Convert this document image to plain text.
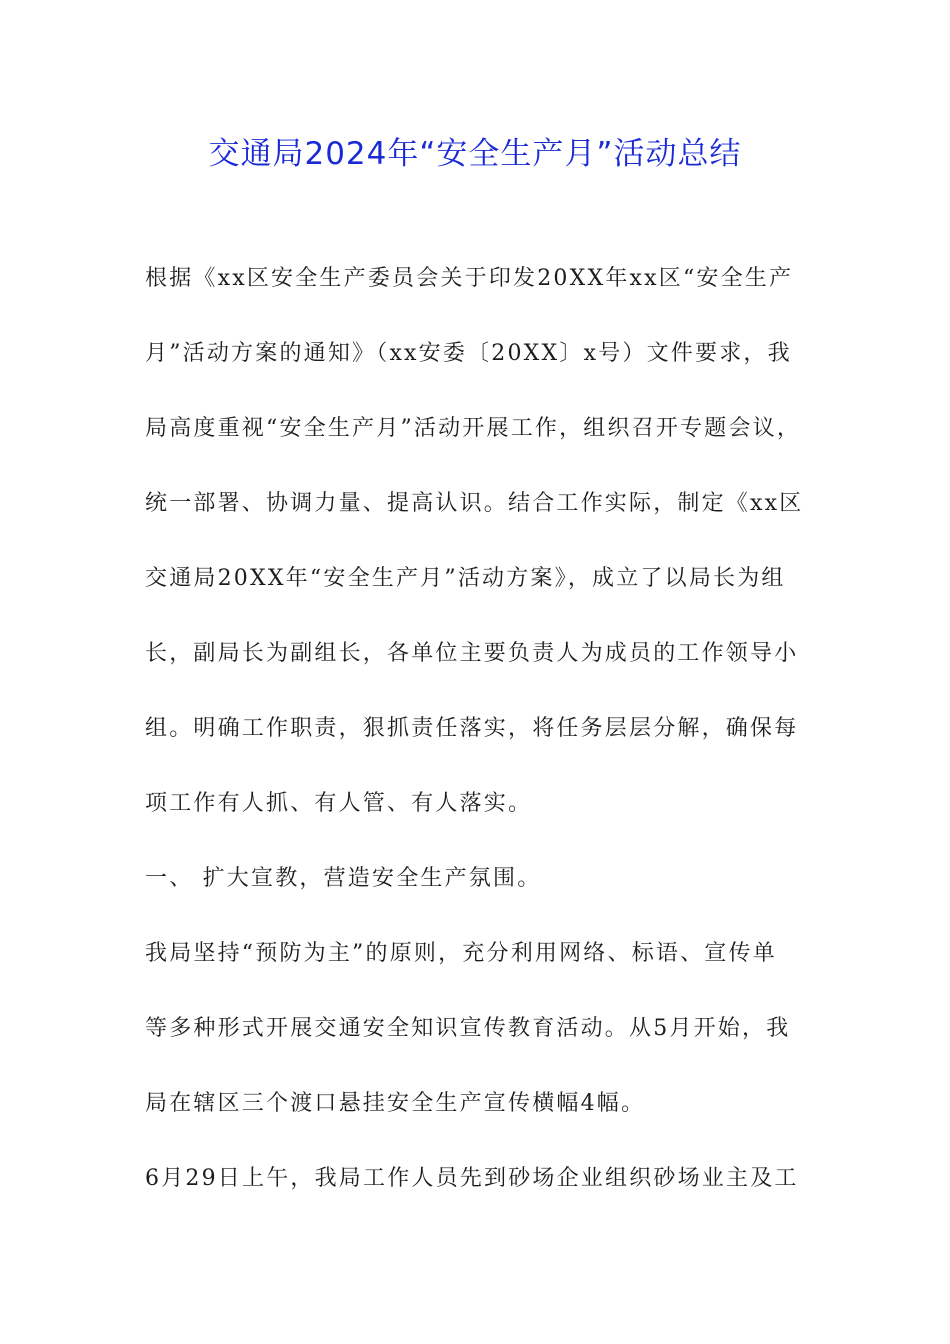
交通局2024年“安全生产月”活动总结
根据《xx区安全生产委员会关于印发20XX年xx区“安全生产
月”活动方案的通知》（xx安委〔20XX〕x号）文件要求，我
局高度重视“安全生产月”活动开展工作，组织召开专题会议，
统一部署、协调力量、提高认识。结合工作实际，制定《xx区
交通局20XX年“安全生产月”活动方案》，成立了以局长为组
长，副局长为副组长，各单位主要负责人为成员的工作领导小
组。明确工作职责，狠抓责任落实，将任务层层分解，确保每
项工作有人抓、有人管、有人落实。
一、 扩大宣教，营造安全生产氛围。
我局坚持“预防为主”的原则，充分利用网络、标语、宣传单
等多种形式开展交通安全知识宣传教育活动。从5月开始，我
局在辖区三个渡口悬挂安全生产宣传横幅4幅。
6月29日上午，我局工作人员先到砂场企业组织砂场业主及工
